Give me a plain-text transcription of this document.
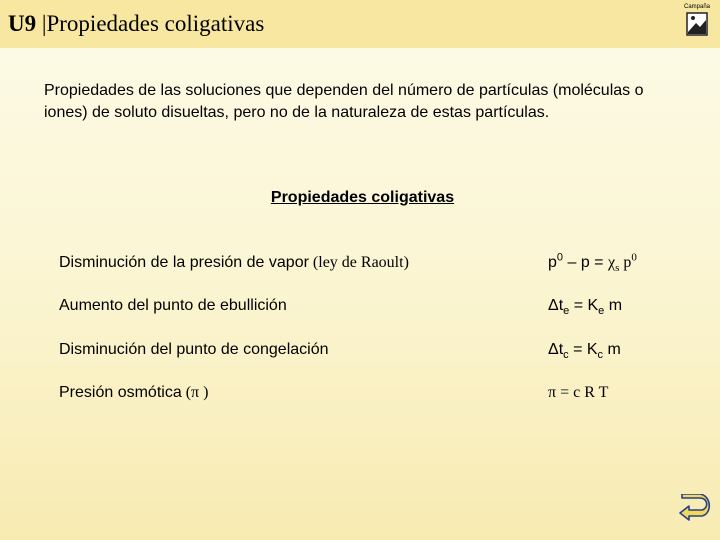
U9 |Propiedades coligativas
Campaña
Propiedades de las soluciones que dependen del número de partículas (moléculas o iones) de soluto disueltas, pero no de la naturaleza de estas partículas.
Propiedades coligativas
Disminución de la presión de vapor (ley de Raoult)	$p^0 - p = \chi_s$ $p^0$
Aumento del punto de ebullición	$\Delta t_e = K_e$ m
Disminución del punto de congelación	$\Delta t_c = K_c$ m
Presión osmótica (π )	π = c R T
